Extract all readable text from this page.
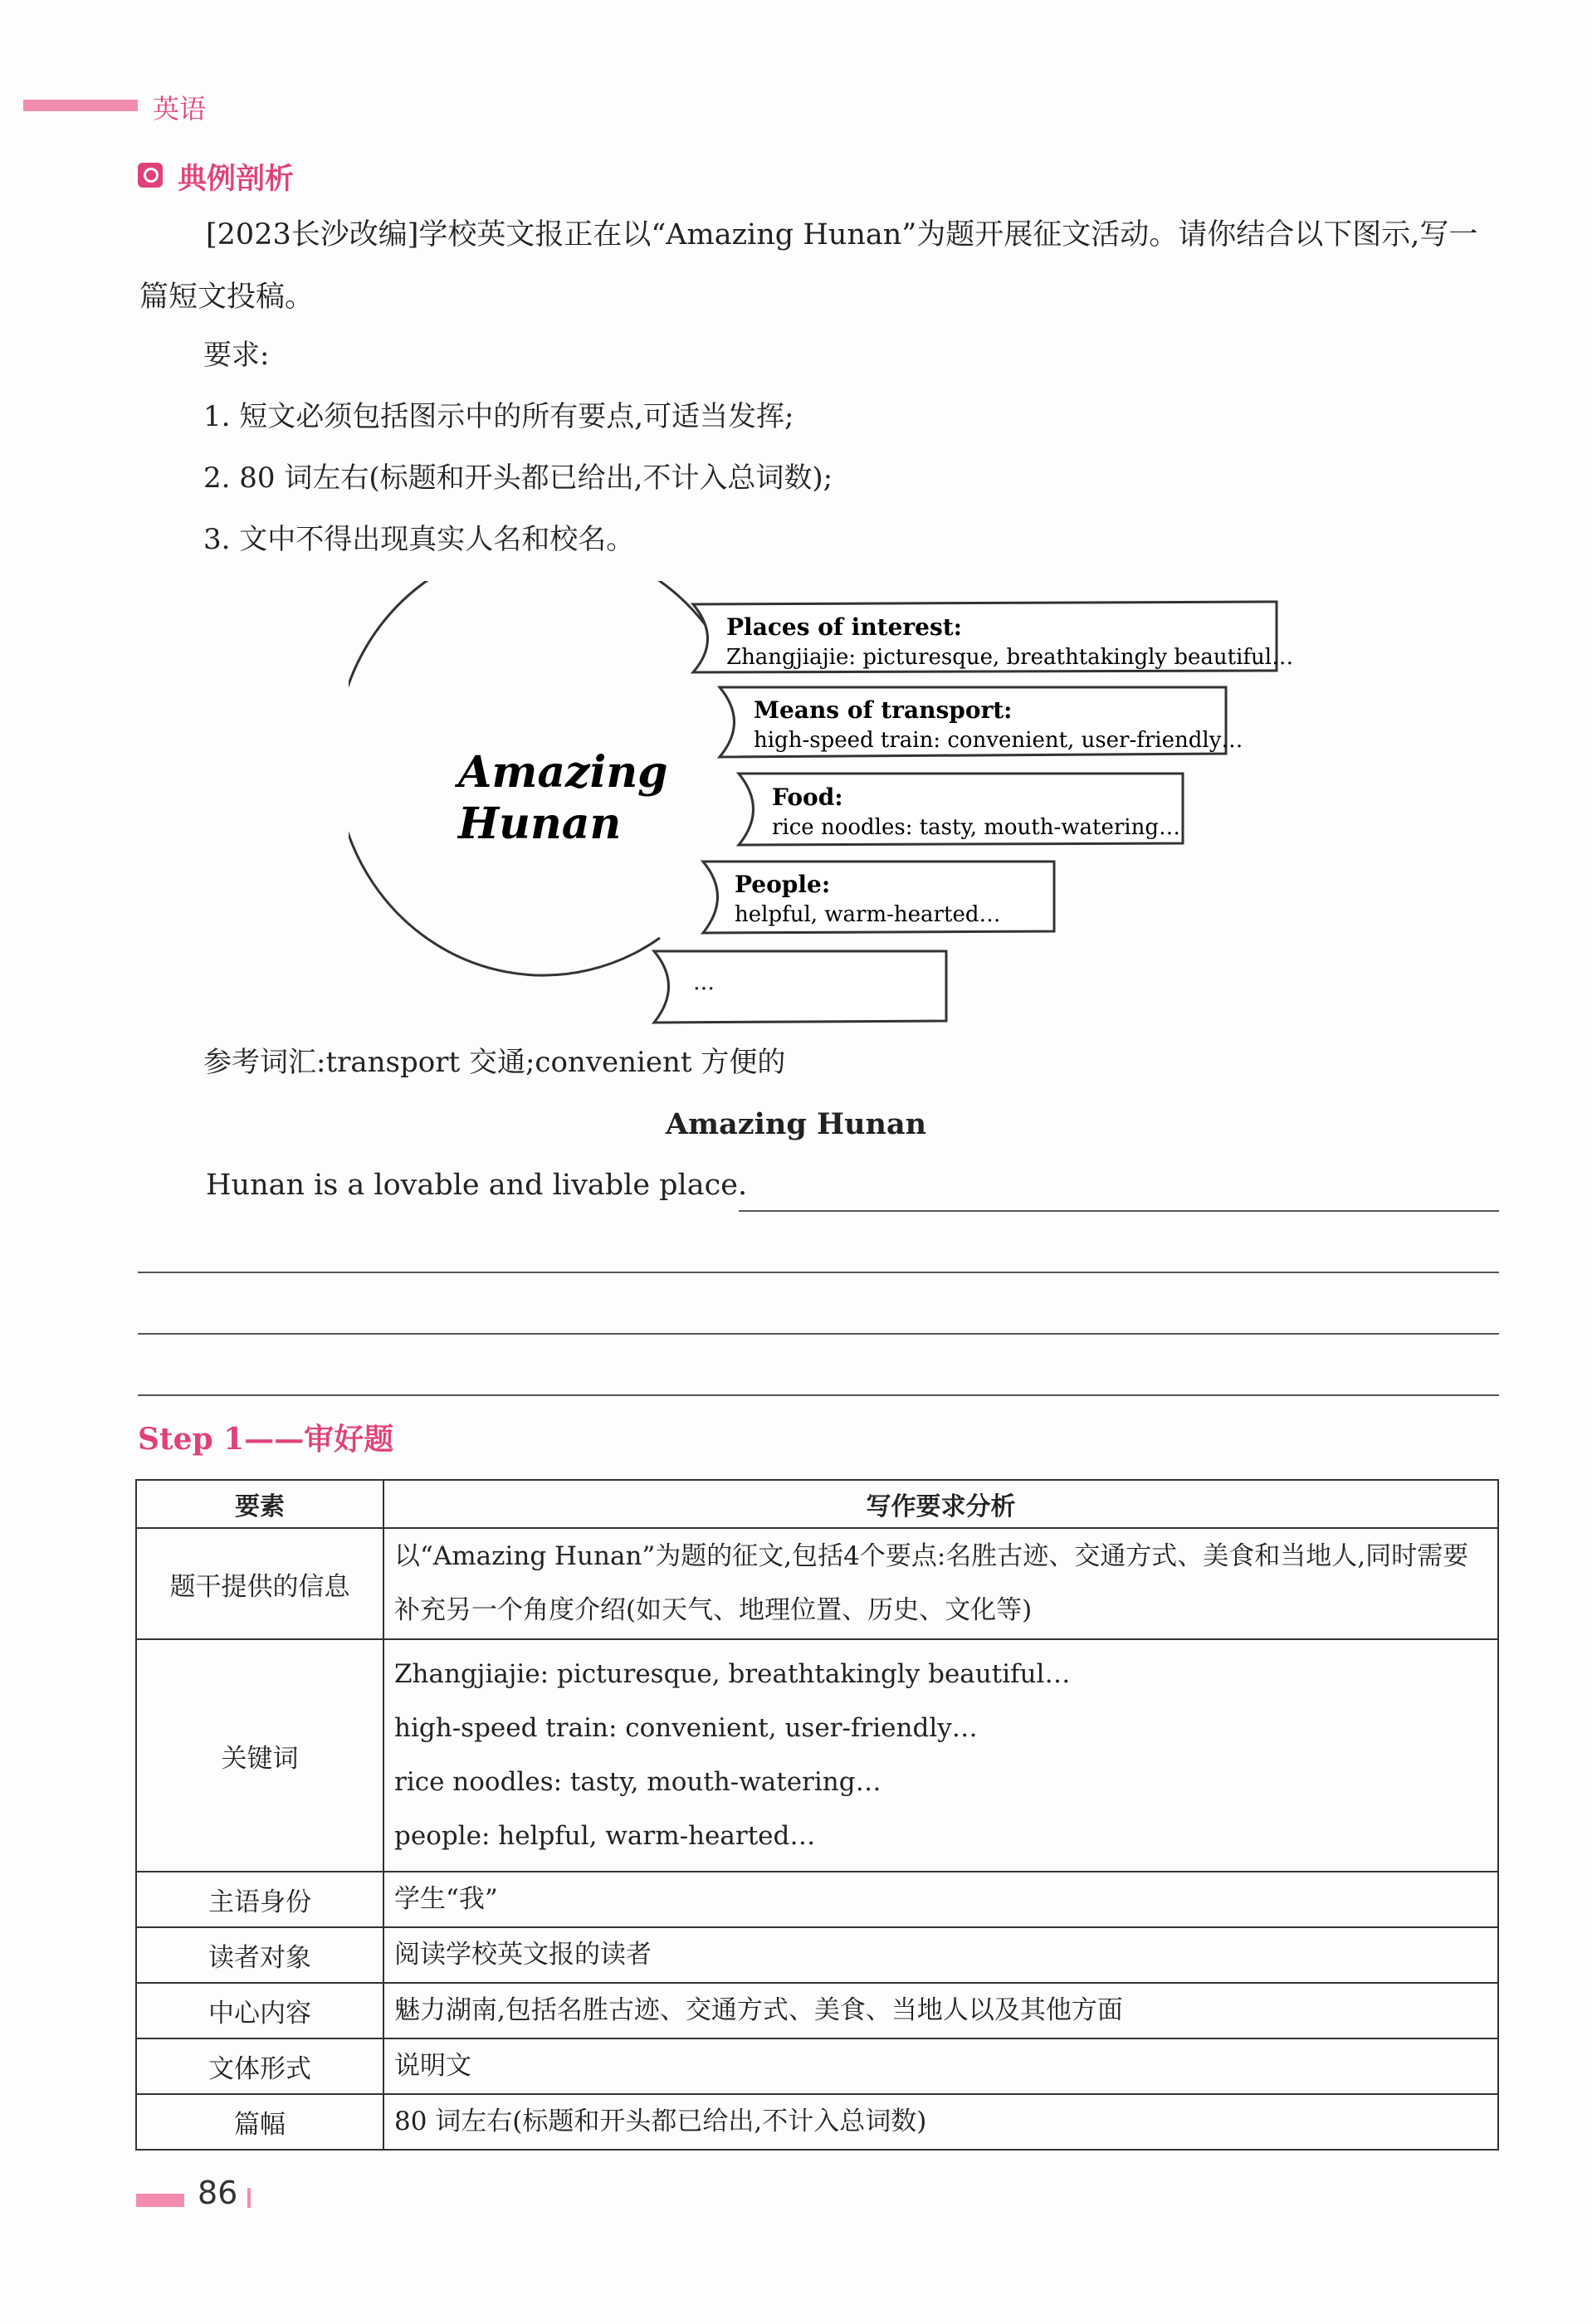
英语
典例剖析
[2023长沙改编]学校英文报正在以“Amazing Hunan”为题开展征文活动。请你结合以下图示,写一篇短文投稿。
要求:
1. 短文必须包括图示中的所有要点,可适当发挥;
2. 80 词左右(标题和开头都已给出,不计入总词数);
3. 文中不得出现真实人名和校名。
Places of interest:
Zhangjiajie: picturesque, breathtakingly beautiful…
Means of transport:
high-speed train: convenient, user-friendly…
Food:
rice noodles: tasty, mouth-watering…
People:
helpful, warm-hearted…
…
Amazing
Hunan
参考词汇:transport 交通;convenient 方便的
Amazing Hunan
Hunan is a lovable and livable place.
Step 1——审好题
要素	写作要求分析
题干提供的信息	以“Amazing Hunan”为题的征文,包括4个要点:名胜古迹、交通方式、美食和当地人,同时需要
补充另一个角度介绍(如天气、地理位置、历史、文化等)

关键词	Zhangjiajie: picturesque, breathtakingly beautiful…
high-speed train: convenient, user-friendly…
rice noodles: tasty, mouth-watering…
people: helpful, warm-hearted…

主语身份	学生“我”

读者对象	阅读学校英文报的读者

中心内容	魅力湖南,包括名胜古迹、交通方式、美食、当地人以及其他方面

文体形式	说明文

篇幅	80 词左右(标题和开头都已给出,不计入总词数)
86
